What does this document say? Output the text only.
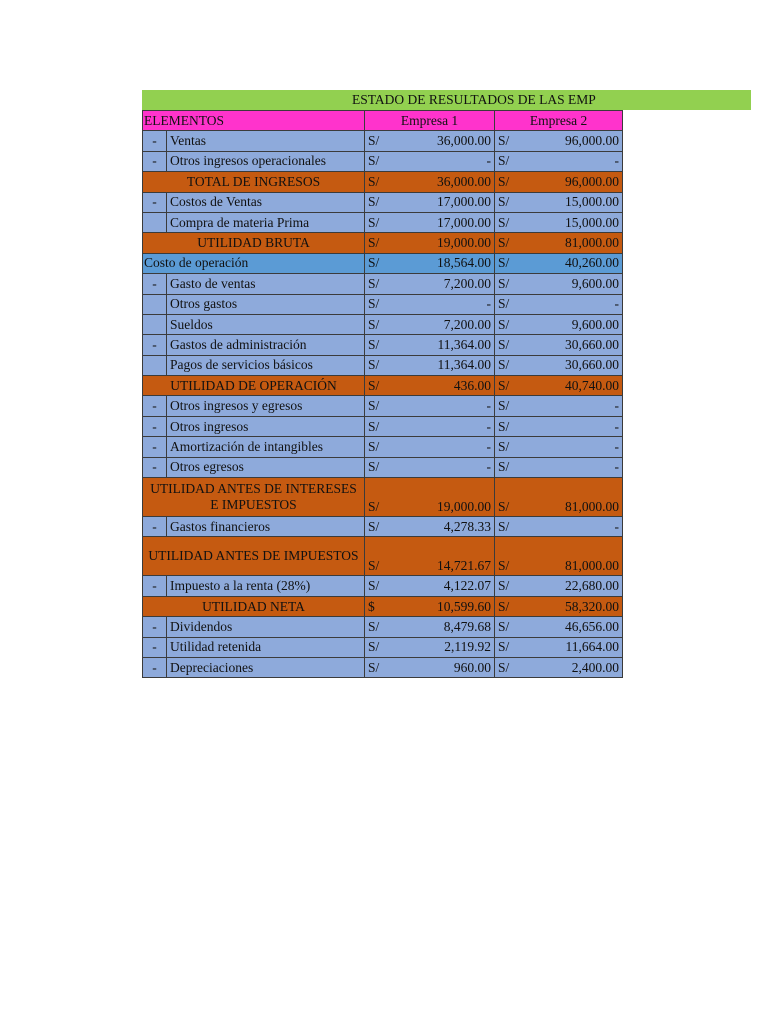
ESTADO DE RESULTADOS DE LAS EMP
ELEMENTOS		Empresa 1		Empresa 2	
-	Ventas	S/	36,000.00	S/	96,000.00
-	Otros ingresos operacionales	S/	-	S/	-
TOTAL DE INGRESOS		S/	36,000.00	S/	96,000.00
-	Costos de Ventas	S/	17,000.00	S/	15,000.00
	Compra de materia Prima	S/	17,000.00	S/	15,000.00
UTILIDAD BRUTA		S/	19,000.00	S/	81,000.00
Costo de operación		S/	18,564.00	S/	40,260.00
-	Gasto de ventas	S/	7,200.00	S/	9,600.00
	Otros gastos	S/	-	S/	-
	Sueldos	S/	7,200.00	S/	9,600.00
-	Gastos de administración	S/	11,364.00	S/	30,660.00
	Pagos de servicios básicos	S/	11,364.00	S/	30,660.00
UTILIDAD DE OPERACIÓN		S/	436.00	S/	40,740.00
-	Otros ingresos y egresos	S/	-	S/	-
-	Otros ingresos	S/	-	S/	-
-	Amortización de intangibles	S/	-	S/	-
-	Otros egresos	S/	-	S/	-
UTILIDAD ANTES DE INTERESES E IMPUESTOS		S/	19,000.00	S/	81,000.00
-	Gastos financieros	S/	4,278.33	S/	-
UTILIDAD ANTES DE IMPUESTOS		S/	14,721.67	S/	81,000.00
-	Impuesto a la renta (28%)	S/	4,122.07	S/	22,680.00
UTILIDAD NETA		$	10,599.60	S/	58,320.00
-	Dividendos	S/	8,479.68	S/	46,656.00
-	Utilidad retenida	S/	2,119.92	S/	11,664.00
-	Depreciaciones	S/	960.00	S/	2,400.00
